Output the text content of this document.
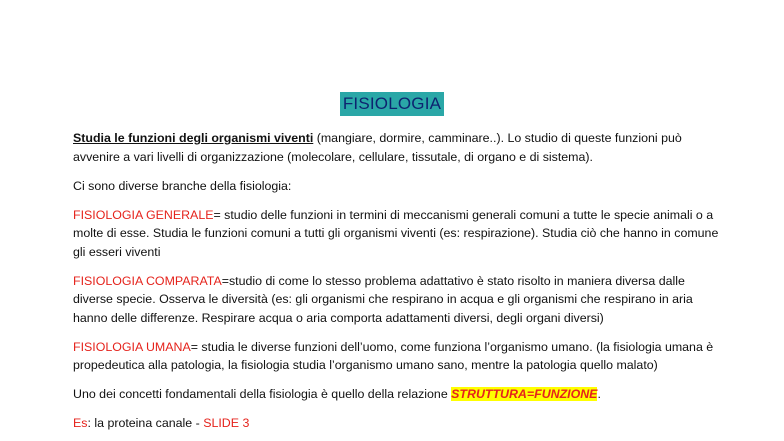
FISIOLOGIA

Studia le funzioni degli organismi viventi (mangiare, dormire, camminare..). Lo studio di queste funzioni può avvenire a vari livelli di organizzazione (molecolare, cellulare, tissutale, di organo e di sistema).

Ci sono diverse branche della fisiologia:

FISIOLOGIA GENERALE= studio delle funzioni in termini di meccanismi generali comuni a tutte le specie animali o a molte di esse. Studia le funzioni comuni a tutti gli organismi viventi (es: respirazione). Studia ciò che hanno in comune gli esseri viventi

FISIOLOGIA COMPARATA=studio di come lo stesso problema adattativo è stato risolto in maniera diversa dalle diverse specie. Osserva le diversità (es: gli organismi che respirano in acqua e gli organismi che respirano in aria hanno delle differenze. Respirare acqua o aria comporta adattamenti diversi, degli organi diversi)

FISIOLOGIA UMANA= studia le diverse funzioni dell’uomo, come funziona l’organismo umano. (la fisiologia umana è propedeutica alla patologia, la fisiologia studia l’organismo umano sano, mentre la patologia quello malato)

Uno dei concetti fondamentali della fisiologia è quello della relazione STRUTTURA=FUNZIONE.

Es: la proteina canale - SLIDE 3
